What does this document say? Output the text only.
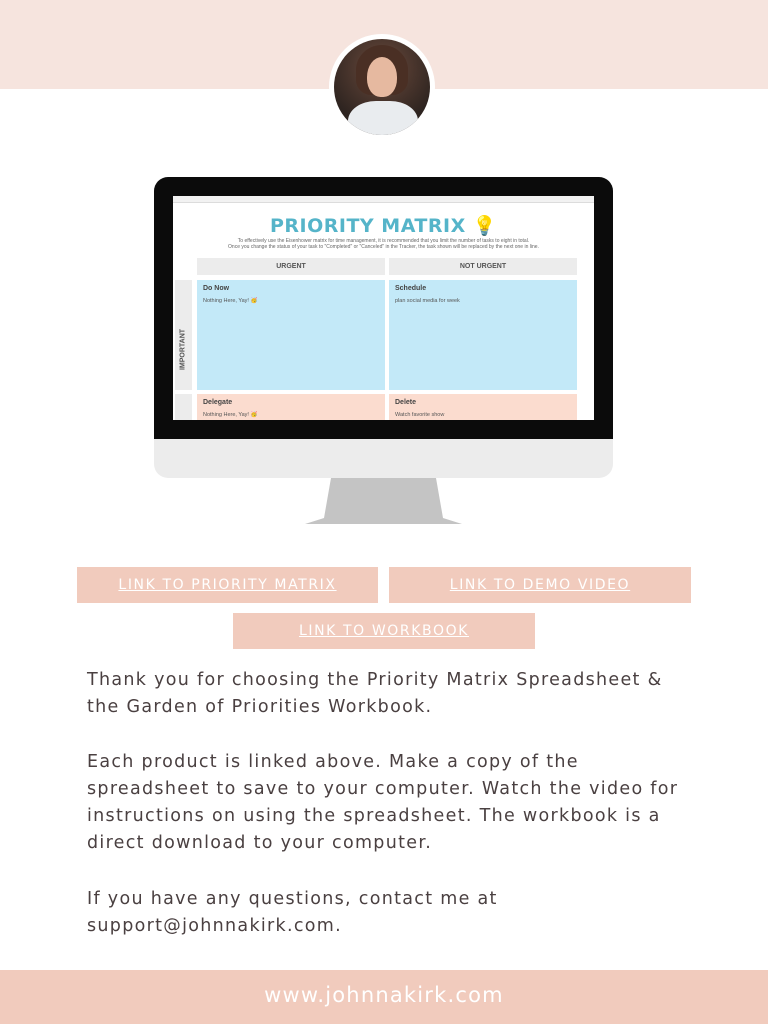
PRIORITY MATRIX 💡
To effectively use the Eisenhower matrix for time management, it is recommended that you limit the number of tasks to eight in total.
Once you change the status of your task to "Completed" or "Canceled" in the Tracker, the task shown will be replaced by the next one in line.
URGENT	NOT URGENT
IMPORTANT
Do Now
Nothing Here, Yay! 🥳
Schedule
plan social media for week
Delegate
Nothing Here, Yay! 🥳
Delete
Watch favorite show
LINK TO PRIORITY MATRIX	LINK TO DEMO VIDEO
LINK TO WORKBOOK
Thank you for choosing the Priority Matrix Spreadsheet & the Garden of Priorities Workbook.
Each product is linked above. Make a copy of the spreadsheet to save to your computer. Watch the video for instructions on using the spreadsheet. The workbook is a direct download to your computer.
If you have any questions, contact me at support@johnnakirk.com.
www.johnnakirk.com
